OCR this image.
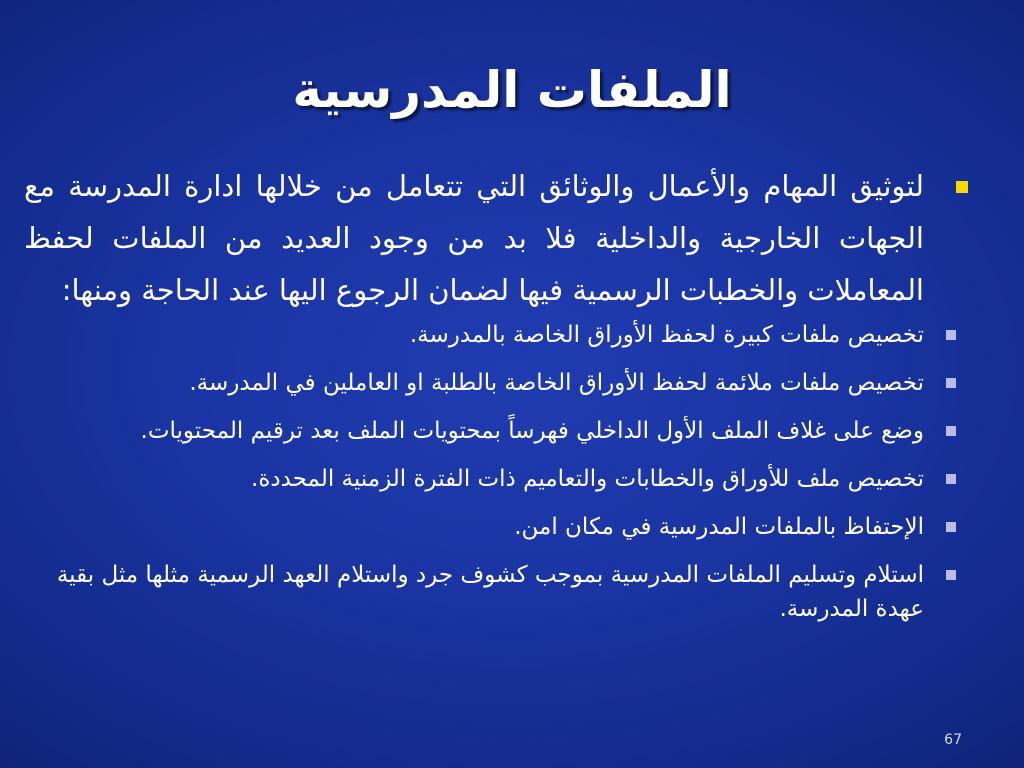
الملفات المدرسية
لتوثيق المهام والأعمال والوثائق التي تتعامل من خلالها ادارة المدرسة مع الجهات الخارجية والداخلية فلا بد من وجود العديد من الملفات لحفظ المعاملات والخطبات الرسمية فيها لضمان الرجوع اليها عند الحاجة ومنها:
تخصيص ملفات كبيرة لحفظ الأوراق الخاصة بالمدرسة.
تخصيص ملفات ملائمة لحفظ الأوراق الخاصة بالطلبة او العاملين في المدرسة.
وضع على غلاف الملف الأول الداخلي فهرساً بمحتويات الملف بعد ترقيم المحتويات.
تخصيص ملف للأوراق والخطابات والتعاميم ذات الفترة الزمنية المحددة.
الإحتفاظ بالملفات المدرسية في مكان امن.
استلام وتسليم الملفات المدرسية بموجب كشوف جرد واستلام العهد الرسمية مثلها مثل بقية عهدة المدرسة.
67
